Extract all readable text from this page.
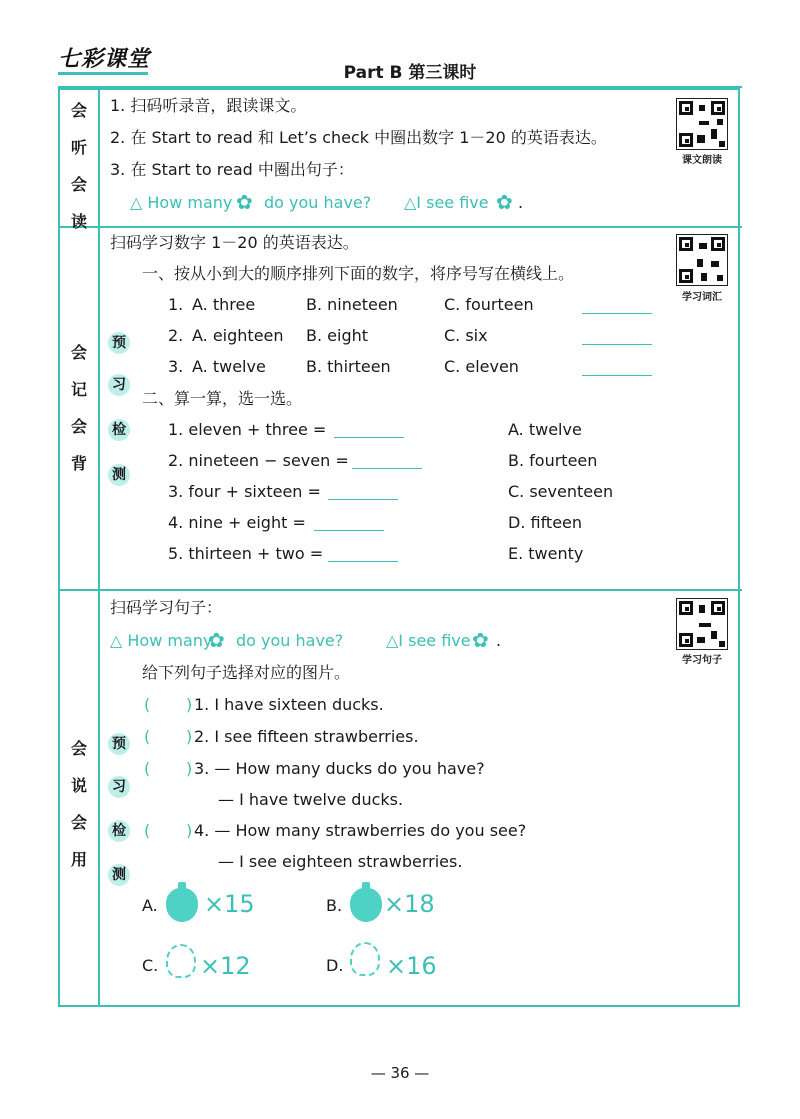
七彩课堂
Part B 第三课时
会
听
会
读
会
记
会
背
会
说
会
用
1. 扫码听录音，跟读课文。
2. 在 Start to read 和 Let’s check 中圈出数字 1－20 的英语表达。
3. 在 Start to read 中圈出句子：
△ How many ✿ do you have? △I see five ✿ .
课文朗读
扫码学习数字 1－20 的英语表达。
学习词汇
一、按从小到大的顺序排列下面的数字，将序号写在横线上。
1. A. three	B. nineteen	C. fourteen
2. A. eighteen B. eight	C. six
3. A. twelve	B. thirteen	C. eleven
二、算一算，选一选。
预
习
检
测
1. eleven + three =	A. twelve
2. nineteen − seven =	B. fourteen
3. four + sixteen =	C. seventeen
4. nine + eight =	D. fifteen
5. thirteen + two =	E. twenty
扫码学习句子：
学习句子
△ How many
✿ do you have?	△I see five ✿ .
给下列句子选择对应的图片。
预
习
检
测
( ) 1. I have sixteen ducks.
( ) 2. I see fifteen strawberries.
( ) 3. — How many ducks do you have?
— I have twelve ducks.
( ) 4. — How many strawberries do you see?
— I see eighteen strawberries.
A. ×15	B. ×18
C. ×12	D. ×16
— 36 —
